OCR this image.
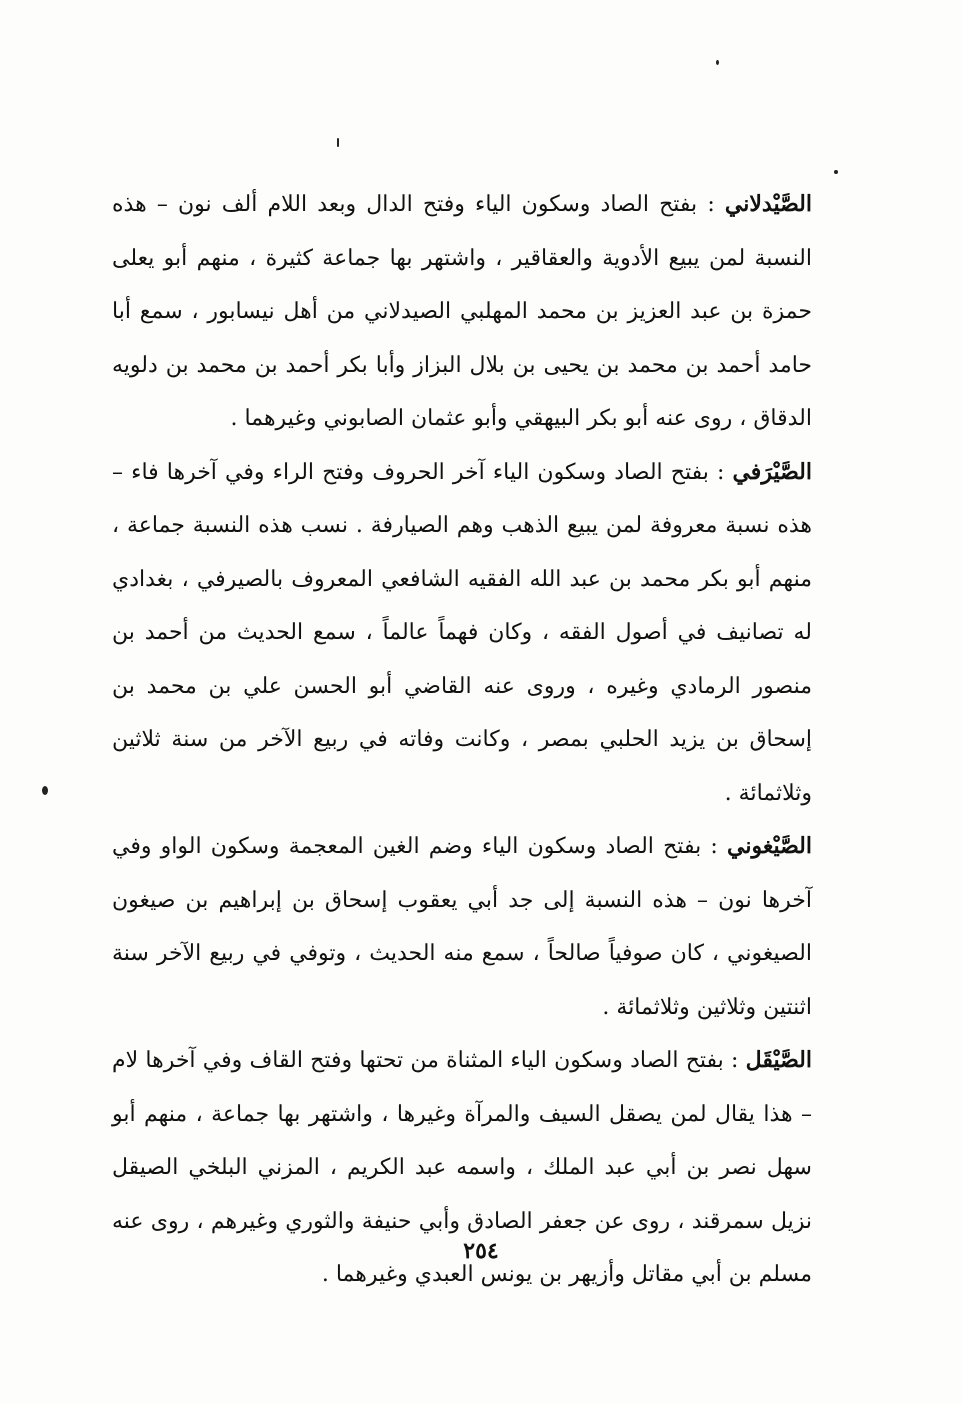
الصَّيْدلاني : بفتح الصاد وسكون الياء وفتح الدال وبعد اللام ألف نون – هذه النسبة لمن يبيع الأدوية والعقاقير ، واشتهر بها جماعة كثيرة ، منهم أبو يعلى حمزة بن عبد العزيز بن محمد المهلبي الصيدلاني من أهل نيسابور ، سمع أبا حامد أحمد بن محمد بن يحيى بن بلال البزاز وأبا بكر أحمد بن محمد بن دلويه الدقاق ، روى عنه أبو بكر البيهقي وأبو عثمان الصابوني وغيرهما .

الصَّيْرَفي : بفتح الصاد وسكون الياء آخر الحروف وفتح الراء وفي آخرها فاء – هذه نسبة معروفة لمن يبيع الذهب وهم الصيارفة . نسب هذه النسبة جماعة ، منهم أبو بكر محمد بن عبد الله الفقيه الشافعي المعروف بالصيرفي ، بغدادي له تصانيف في أصول الفقه ، وكان فهماً عالماً ، سمع الحديث من أحمد بن منصور الرمادي وغيره ، وروى عنه القاضي أبو الحسن علي بن محمد بن إسحاق بن يزيد الحلبي بمصر ، وكانت وفاته في ربيع الآخر من سنة ثلاثين وثلاثمائة .

الصَّيْغوني : بفتح الصاد وسكون الياء وضم الغين المعجمة وسكون الواو وفي آخرها نون – هذه النسبة إلى جد أبي يعقوب إسحاق بن إبراهيم بن صيغون الصيغوني ، كان صوفياً صالحاً ، سمع منه الحديث ، وتوفي في ربيع الآخر سنة اثنتين وثلاثين وثلاثمائة .

الصَّيْقَل : بفتح الصاد وسكون الياء المثناة من تحتها وفتح القاف وفي آخرها لام – هذا يقال لمن يصقل السيف والمرآة وغيرها ، واشتهر بها جماعة ، منهم أبو سهل نصر بن أبي عبد الملك ، واسمه عبد الكريم ، المزني البلخي الصيقل نزيل سمرقند ، روى عن جعفر الصادق وأبي حنيفة والثوري وغيرهم ، روى عنه مسلم بن أبي مقاتل وأزيهر بن يونس العبدي وغيرهما .

٢٥٤
